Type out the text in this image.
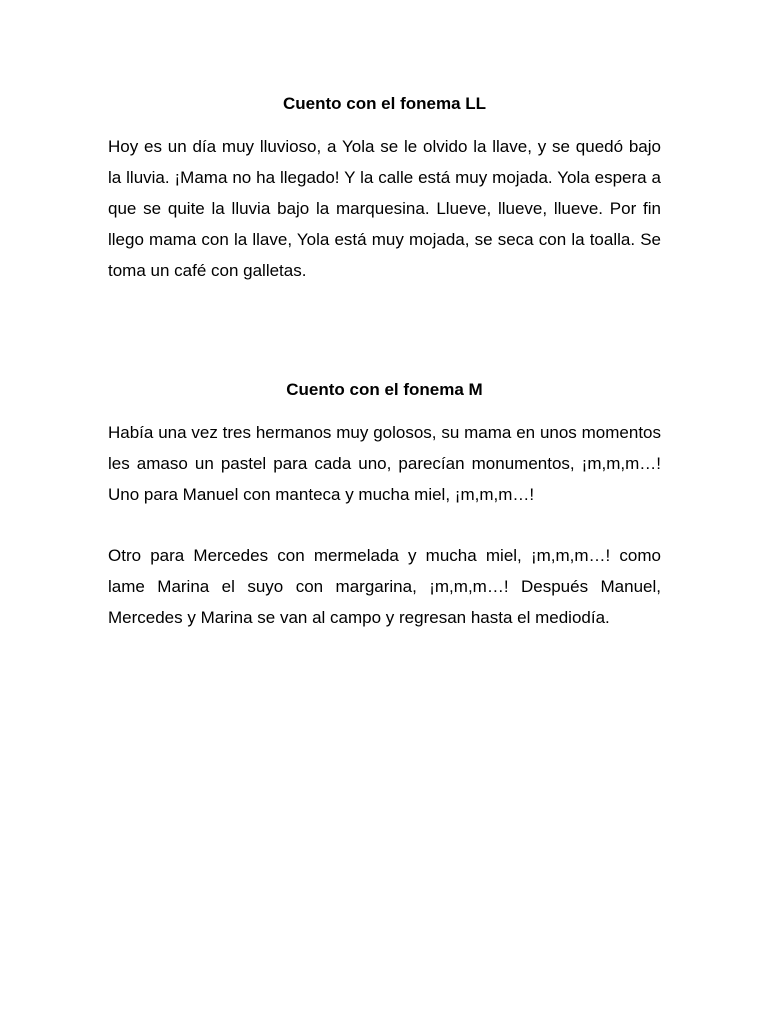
Cuento con el fonema LL

Hoy es un día muy lluvioso, a Yola se le olvido la llave, y se quedó bajo la lluvia. ¡Mama no ha llegado! Y la calle está muy mojada. Yola espera a que se quite la lluvia bajo la marquesina. Llueve, llueve, llueve. Por fin llego mama con la llave, Yola está muy mojada, se seca con la toalla. Se toma un café con galletas.

Cuento con el fonema M

Había una vez tres hermanos muy golosos, su mama en unos momentos les amaso un pastel para cada uno, parecían monumentos, ¡m,m,m…! Uno para Manuel con manteca y mucha miel, ¡m,m,m…!

Otro para Mercedes con mermelada y mucha miel, ¡m,m,m…! como lame Marina el suyo con margarina, ¡m,m,m…! Después Manuel, Mercedes y Marina se van al campo y regresan hasta el mediodía.
